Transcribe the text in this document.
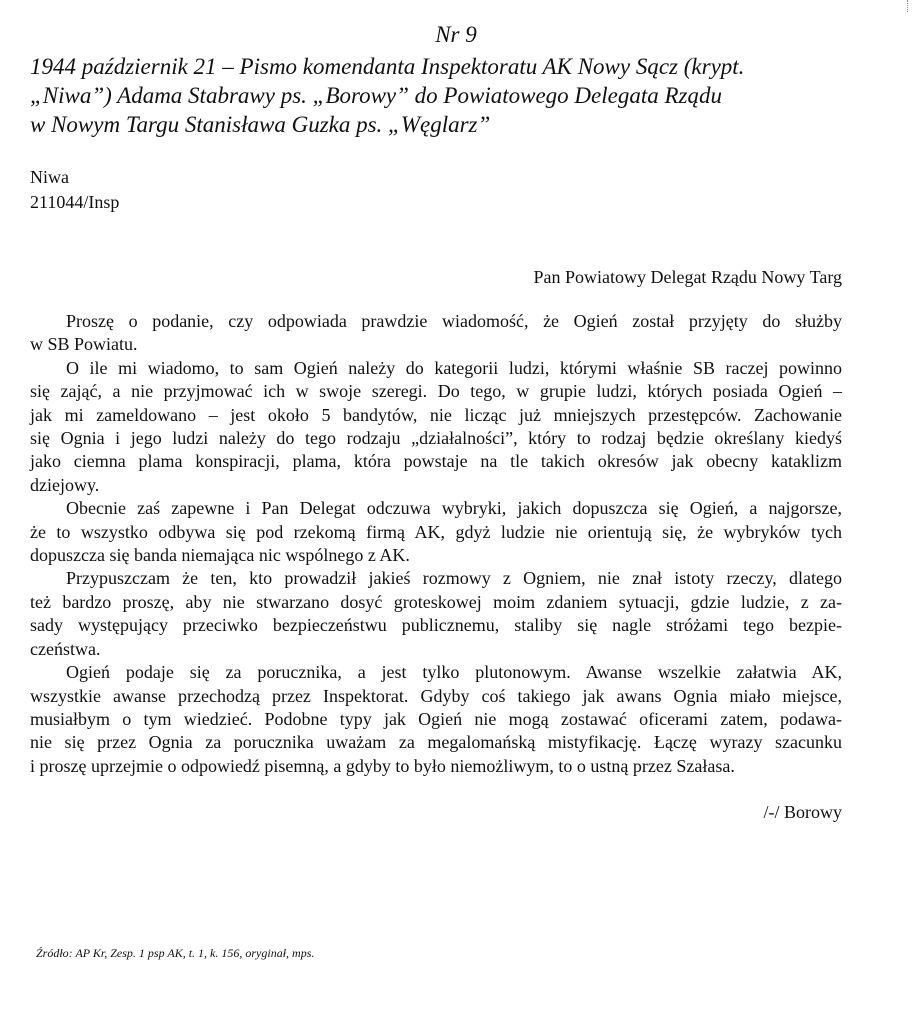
Nr 9

1944 październik 21 – Pismo komendanta Inspektoratu AK Nowy Sącz (krypt.
„Niwa”) Adama Stabrawy ps. „Borowy” do Powiatowego Delegata Rządu
w Nowym Targu Stanisława Guzka ps. „Węglarz”
Niwa
211044/Insp
Pan Powiatowy Delegat Rządu Nowy Targ
Proszę o podanie, czy odpowiada prawdzie wiadomość, że Ogień został przyjęty do służby
w SB Powiatu.
O ile mi wiadomo, to sam Ogień należy do kategorii ludzi, którymi właśnie SB raczej powinno
się zająć, a nie przyjmować ich w swoje szeregi. Do tego, w grupie ludzi, których posiada Ogień –
jak mi zameldowano – jest około 5 bandytów, nie licząc już mniejszych przestępców. Zachowanie
się Ognia i jego ludzi należy do tego rodzaju „działalności”, który to rodzaj będzie określany kiedyś
jako ciemna plama konspiracji, plama, która powstaje na tle takich okresów jak obecny kataklizm
dziejowy.
Obecnie zaś zapewne i Pan Delegat odczuwa wybryki, jakich dopuszcza się Ogień, a najgorsze,
że to wszystko odbywa się pod rzekomą firmą AK, gdyż ludzie nie orientują się, że wybryków tych
dopuszcza się banda niemająca nic wspólnego z AK.
Przypuszczam że ten, kto prowadził jakieś rozmowy z Ogniem, nie znał istoty rzeczy, dlatego
też bardzo proszę, aby nie stwarzano dosyć groteskowej moim zdaniem sytuacji, gdzie ludzie, z za-
sady występujący przeciwko bezpieczeństwu publicznemu, staliby się nagle stróżami tego bezpie-
czeństwa.
Ogień podaje się za porucznika, a jest tylko plutonowym. Awanse wszelkie załatwia AK,
wszystkie awanse przechodzą przez Inspektorat. Gdyby coś takiego jak awans Ognia miało miejsce,
musiałbym o tym wiedzieć. Podobne typy jak Ogień nie mogą zostawać oficerami zatem, podawa-
nie się przez Ognia za porucznika uważam za megalomańską mistyfikację. Łączę wyrazy szacunku
i proszę uprzejmie o odpowiedź pisemną, a gdyby to było niemożliwym, to o ustną przez Szałasa.
/-/ Borowy
Źródło: AP Kr, Zesp. 1 psp AK, t. 1, k. 156, oryginał, mps.
